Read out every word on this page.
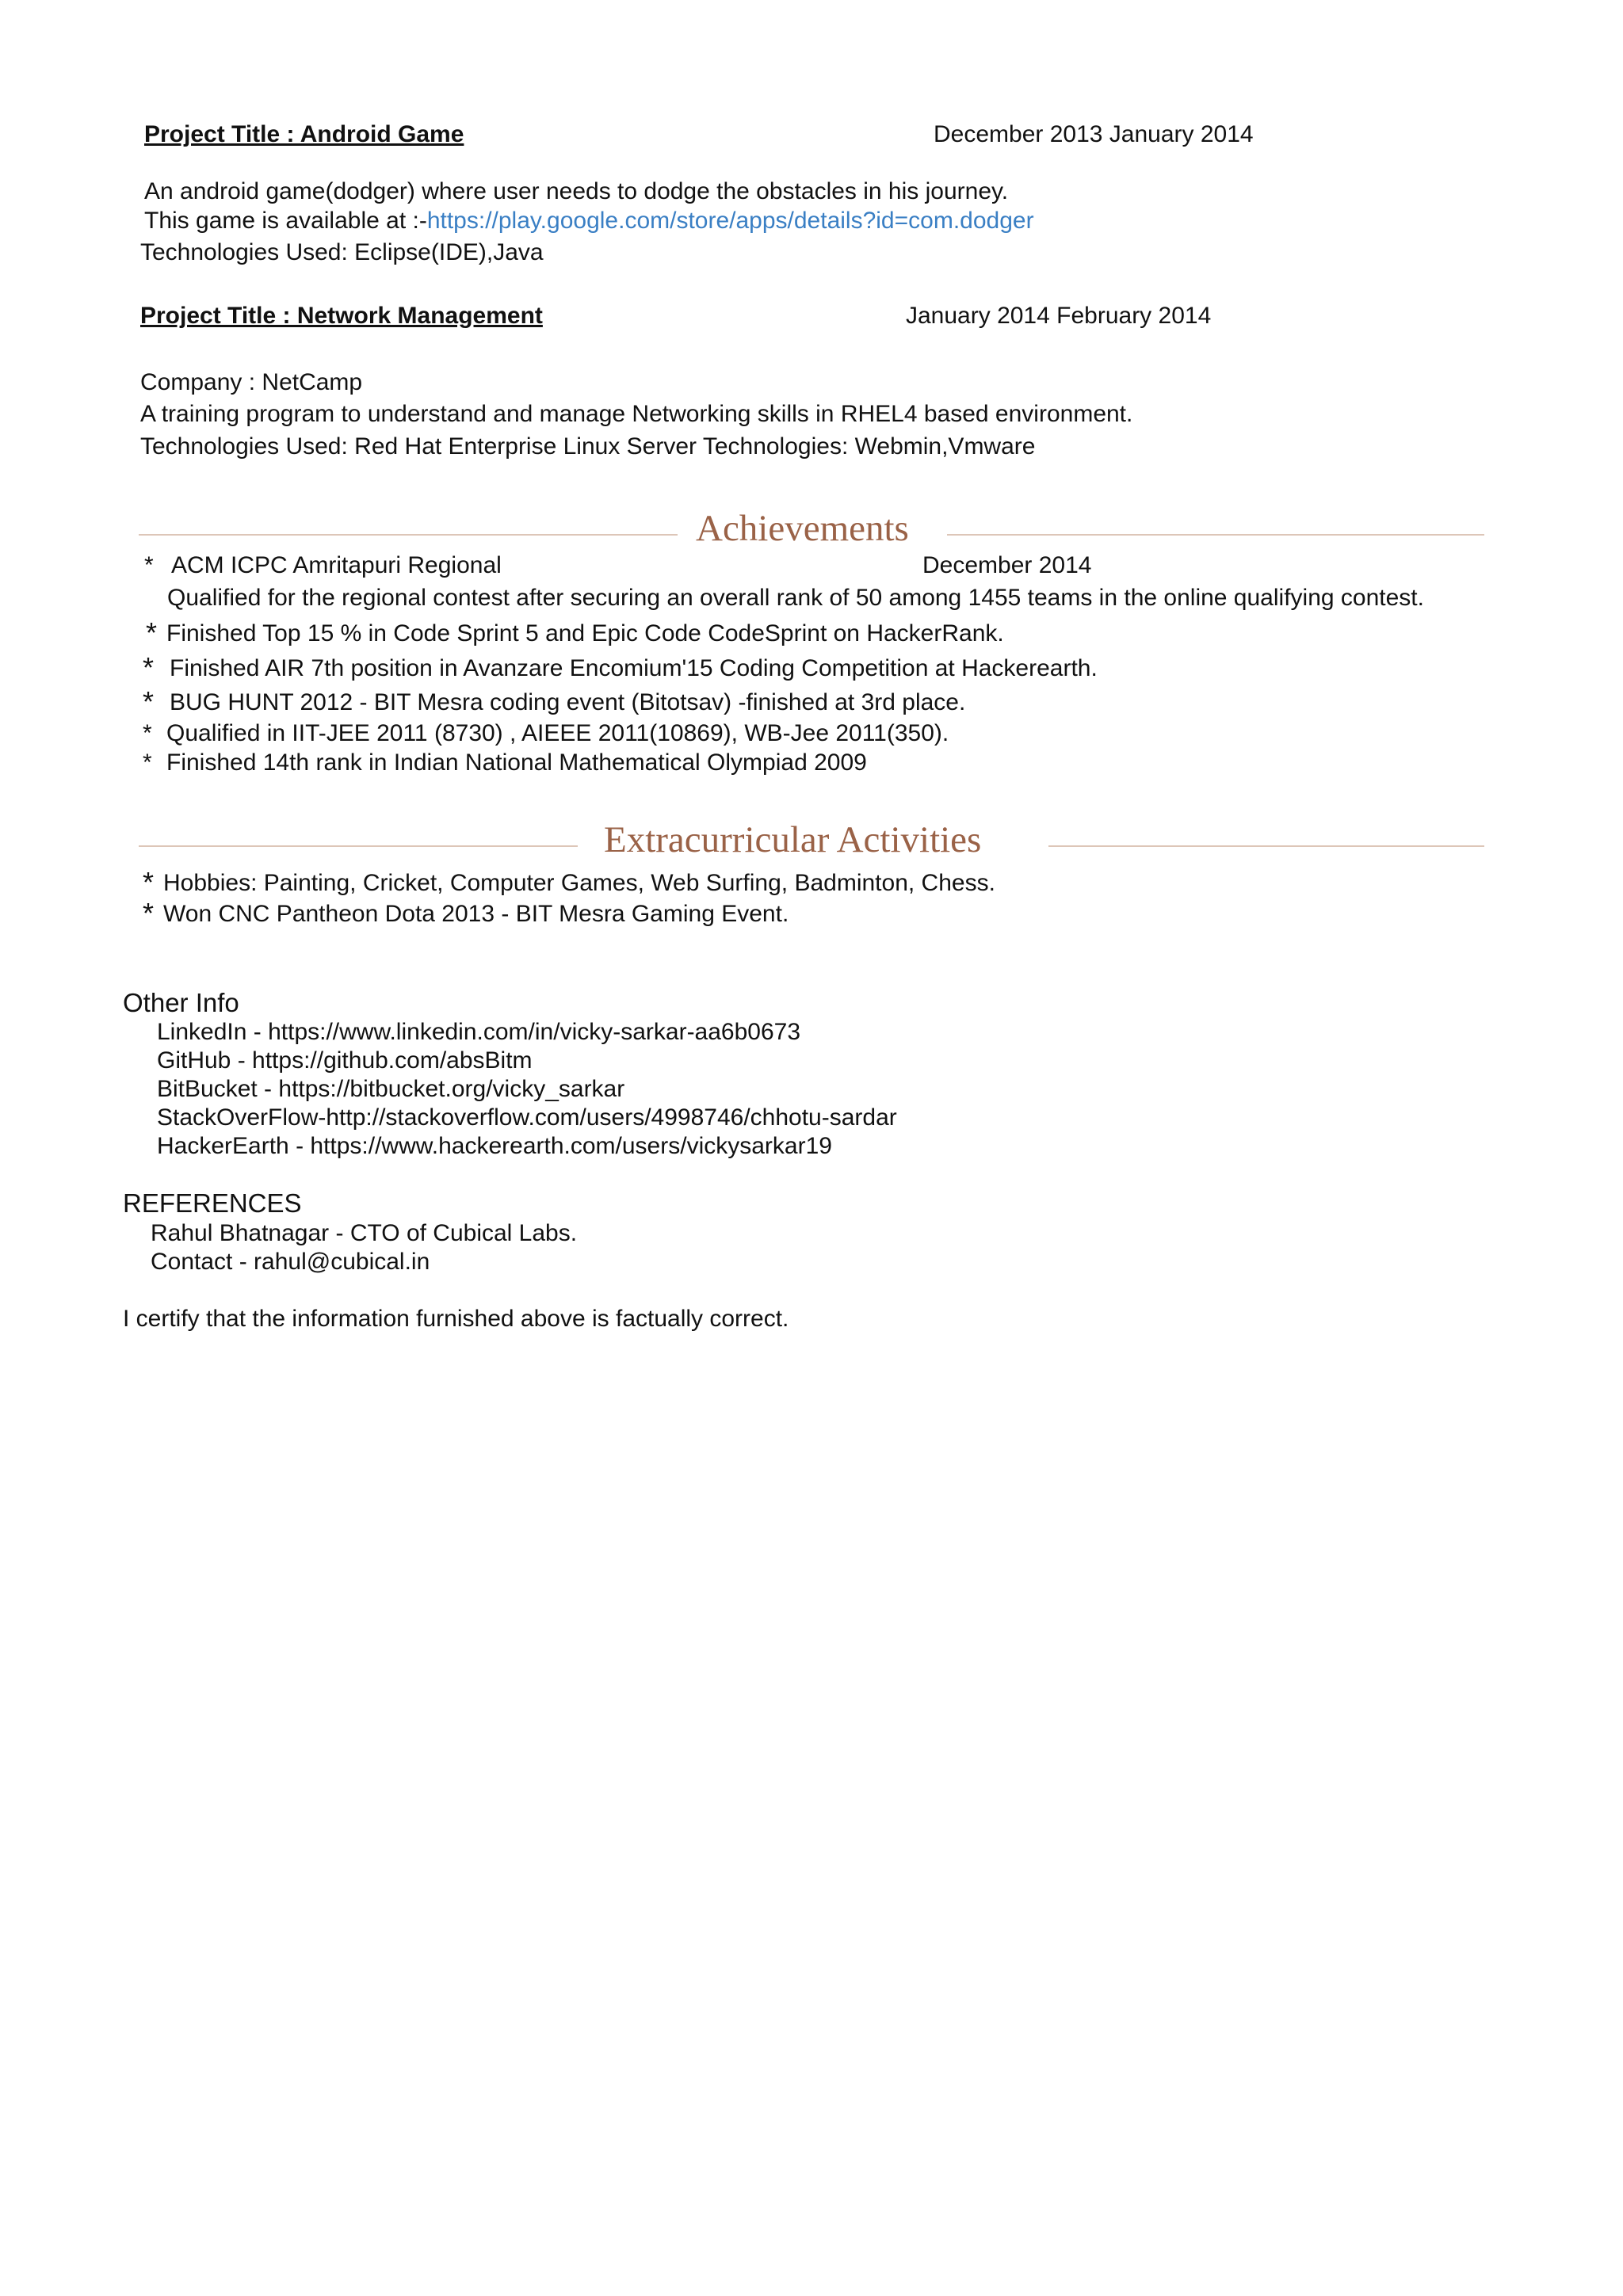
Project Title : Android Game	December 2013 January 2014
An android game(dodger) where user needs to dodge the obstacles in his journey.
This game is available at :-https://play.google.com/store/apps/details?id=com.dodger
Technologies Used: Eclipse(IDE),Java
Project Title : Network Management	January 2014 February 2014
Company : NetCamp
A training program to understand and manage Networking skills in RHEL4 based environment.
Technologies Used: Red Hat Enterprise Linux Server Technologies: Webmin,Vmware
Achievements
* ACM ICPC Amritapuri Regional	December 2014
Qualified for the regional contest after securing an overall rank of 50 among 1455 teams in the online qualifying contest.
* Finished Top 15 % in Code Sprint 5 and Epic Code CodeSprint on HackerRank.
* Finished AIR 7th position in Avanzare Encomium'15 Coding Competition at Hackerearth.
* BUG HUNT 2012 - BIT Mesra coding event (Bitotsav) -finished at 3rd place.
* Qualified in IIT-JEE 2011 (8730) , AIEEE 2011(10869), WB-Jee 2011(350).
* Finished 14th rank in Indian National Mathematical Olympiad 2009
Extracurricular Activities
* Hobbies: Painting, Cricket, Computer Games, Web Surfing, Badminton, Chess.
* Won CNC Pantheon Dota 2013 - BIT Mesra Gaming Event.
Other Info
LinkedIn - https://www.linkedin.com/in/vicky-sarkar-aa6b0673
GitHub - https://github.com/absBitm
BitBucket - https://bitbucket.org/vicky_sarkar
StackOverFlow-http://stackoverflow.com/users/4998746/chhotu-sardar
HackerEarth - https://www.hackerearth.com/users/vickysarkar19
REFERENCES
Rahul Bhatnagar - CTO of Cubical Labs.
Contact - rahul@cubical.in
I certify that the information furnished above is factually correct.
